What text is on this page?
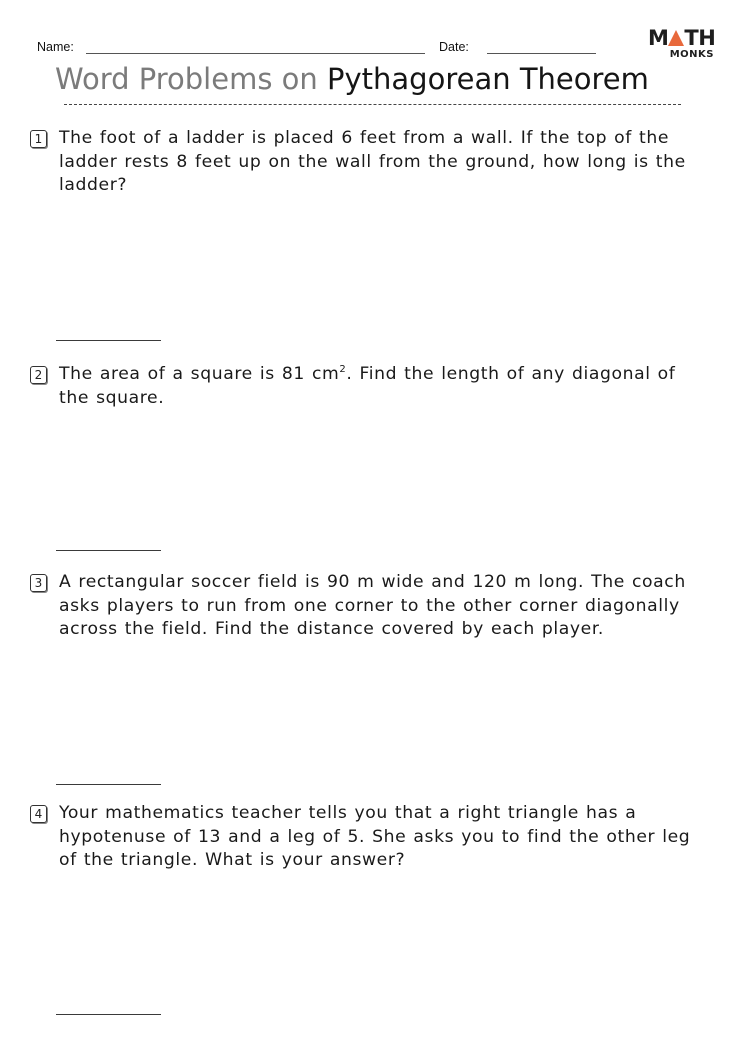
Name:	Date:	M TH
MONKS
Word Problems on Pythagorean Theorem
1 The foot of a ladder is placed 6 feet from a wall. If the top of the ladder rests 8 feet up on the wall from the ground, how long is the ladder?
2 The area of a square is 81 $cm^2$. Find the length of any diagonal of the square.
3 A rectangular soccer field is 90 m wide and 120 m long. The coach asks players to run from one corner to the other corner diagonally across the field. Find the distance covered by each player.
4 Your mathematics teacher tells you that a right triangle has a hypotenuse of 13 and a leg of 5. She asks you to find the other leg of the triangle. What is your answer?
